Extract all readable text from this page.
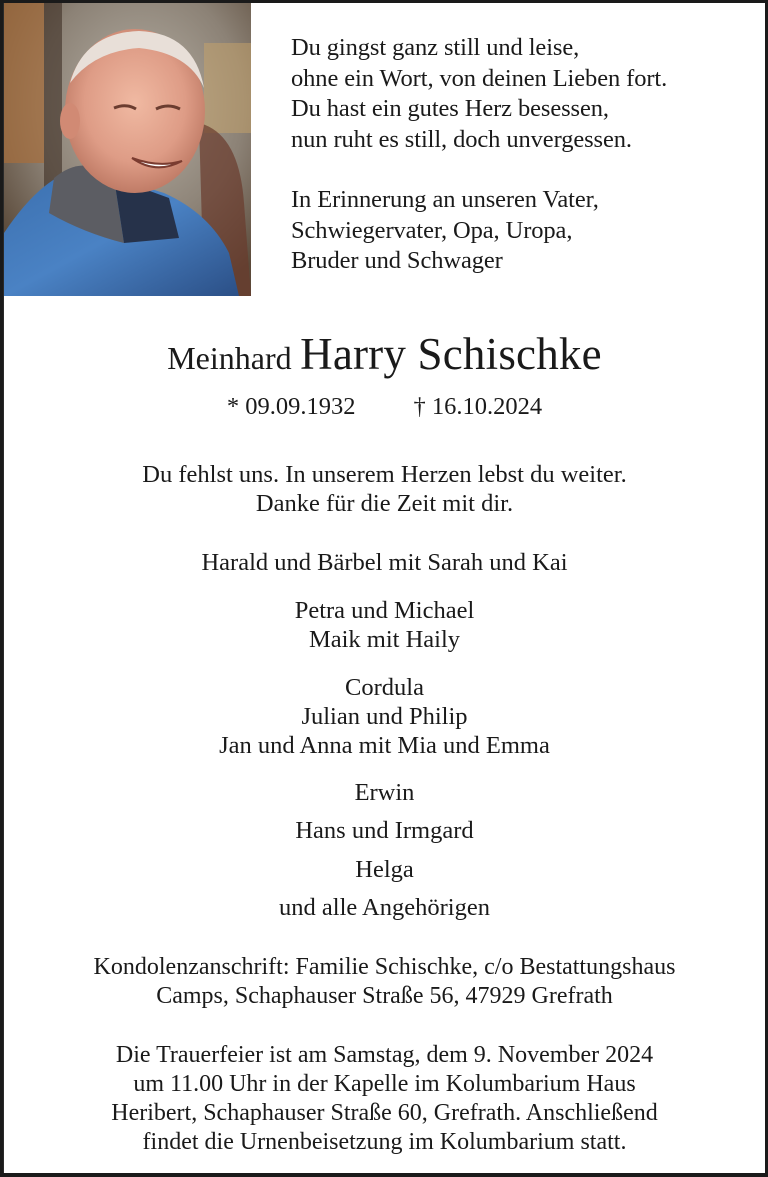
Du gingst ganz still und leise,
ohne ein Wort, von deinen Lieben fort.
Du hast ein gutes Herz besessen,
nun ruht es still, doch unvergessen.

In Erinnerung an unseren Vater,
Schwiegervater, Opa, Uropa,
Bruder und Schwager

Meinhard Harry Schischke
* 09.09.1932 † 16.10.2024
Du fehlst uns. In unserem Herzen lebst du weiter.
Danke für die Zeit mit dir.
Harald und Bärbel mit Sarah und Kai
Petra und Michael
Maik mit Haily
Cordula
Julian und Philip
Jan und Anna mit Mia und Emma
Erwin
Hans und Irmgard
Helga
und alle Angehörigen
Kondolenzanschrift: Familie Schischke, c/o Bestattungshaus
Camps, Schaphauser Straße 56, 47929 Grefrath
Die Trauerfeier ist am Samstag, dem 9. November 2024
um 11.00 Uhr in der Kapelle im Kolumbarium Haus
Heribert, Schaphauser Straße 60, Grefrath. Anschließend
findet die Urnenbeisetzung im Kolumbarium statt.
